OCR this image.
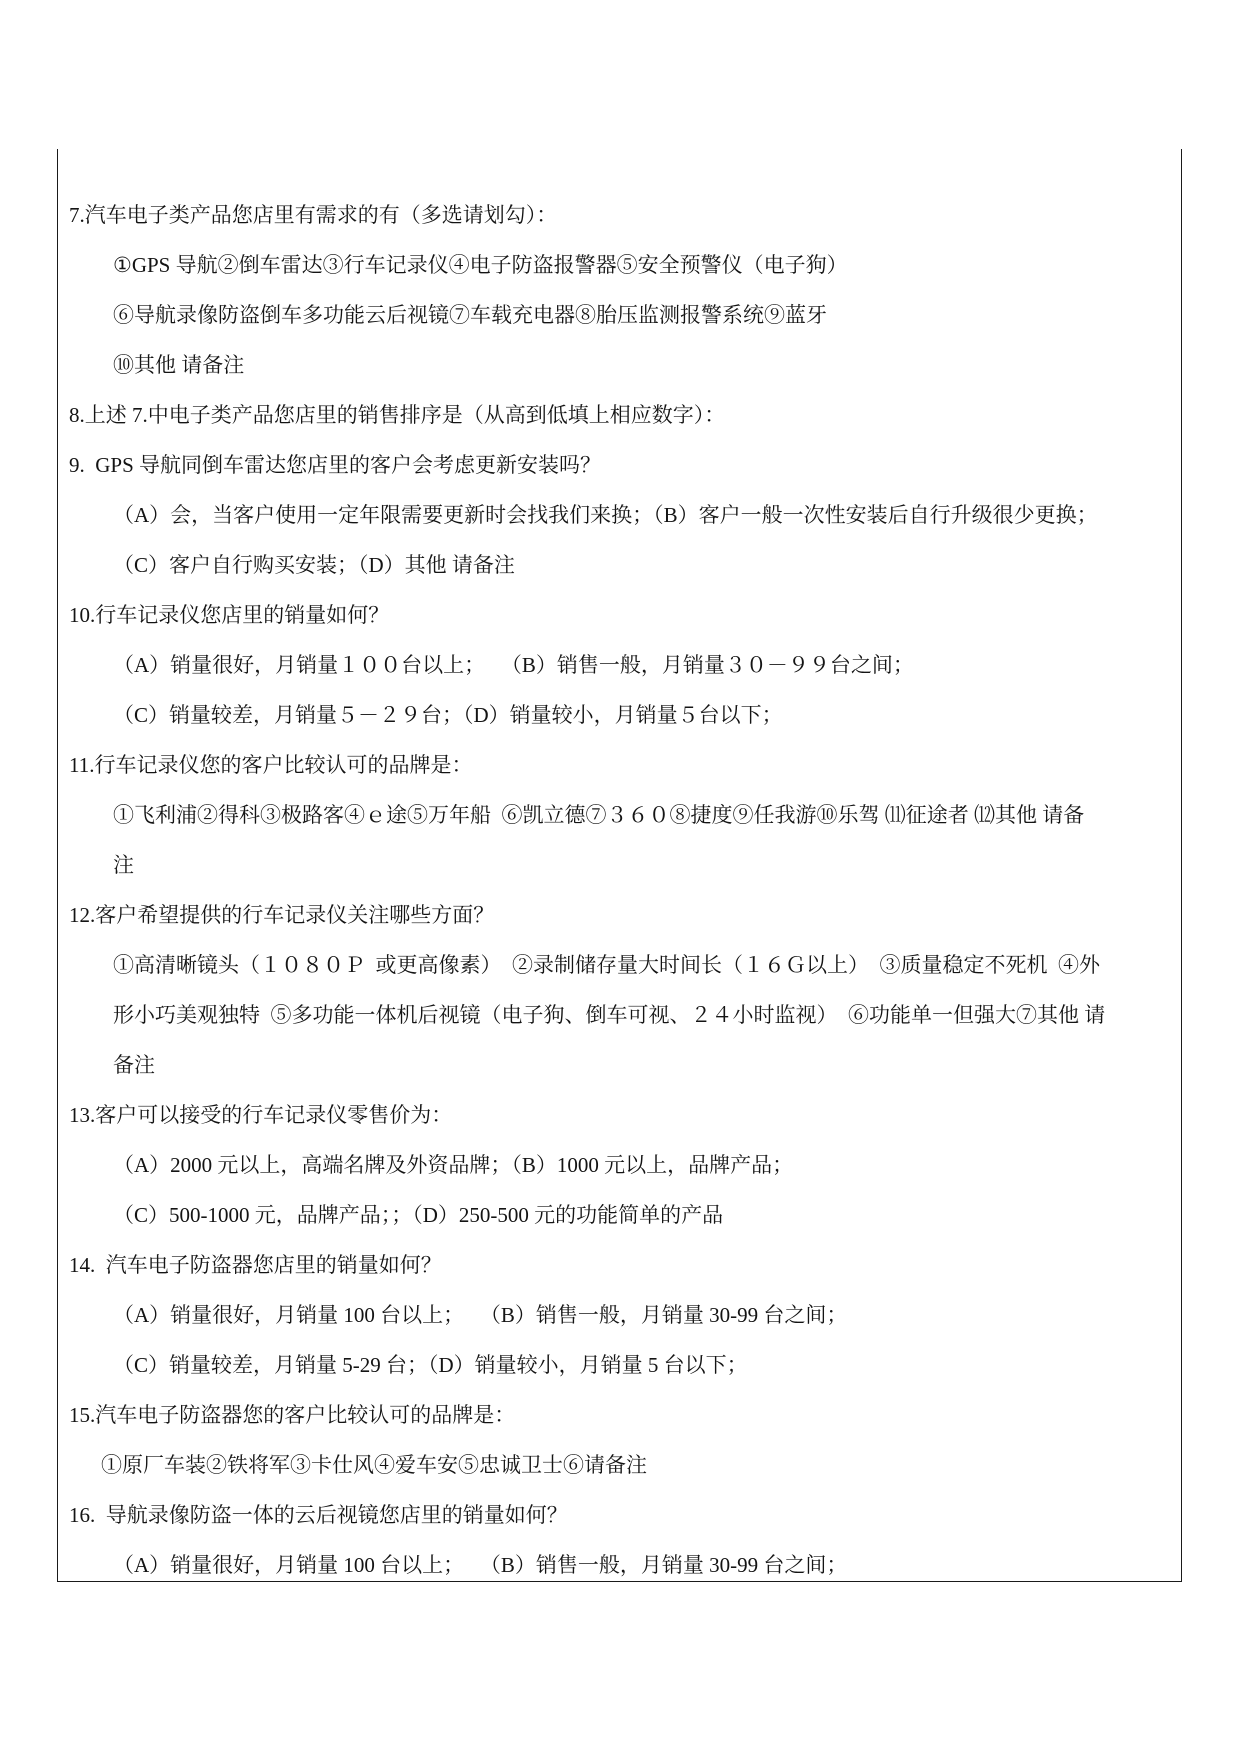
7.汽车电子类产品您店里有需求的有（多选请划勾）：
①GPS 导航②倒车雷达③行车记录仪④电子防盗报警器⑤安全预警仪（电子狗）
⑥导航录像防盗倒车多功能云后视镜⑦车载充电器⑧胎压监测报警系统⑨蓝牙
⑩其他 请备注
8.上述 7.中电子类产品您店里的销售排序是（从高到低填上相应数字）：
9.  GPS 导航同倒车雷达您店里的客户会考虑更新安装吗？
（A）会，当客户使用一定年限需要更新时会找我们来换；（B）客户一般一次性安装后自行升级很少更换；
（C）客户自行购买安装；（D）其他 请备注
10.行车记录仪您店里的销量如何？
（A）销量很好，月销量１００台以上；   （B）销售一般，月销量３０－９９台之间；
（C）销量较差，月销量５－２９台；（D）销量较小，月销量５台以下；
11.行车记录仪您的客户比较认可的品牌是：
①飞利浦②得科③极路客④ｅ途⑤万年船  ⑥凯立德⑦３６０⑧捷度⑨任我游⑩乐驾 ⑾征途者 ⑿其他 请备
注
12.客户希望提供的行车记录仪关注哪些方面？
①高清晰镜头（１０８０Ｐ  或更高像素）  ②录制储存量大时间长（１６Ｇ以上）  ③质量稳定不死机  ④外
形小巧美观独特  ⑤多功能一体机后视镜（电子狗、倒车可视、２４小时监视）  ⑥功能单一但强大⑦其他 请
备注
13.客户可以接受的行车记录仪零售价为：
（A）2000 元以上，高端名牌及外资品牌；（B）1000 元以上，品牌产品；
（C）500-1000 元，品牌产品；；（D）250-500 元的功能简单的产品
14.  汽车电子防盗器您店里的销量如何？
（A）销量很好，月销量 100 台以上；   （B）销售一般，月销量 30-99 台之间；
（C）销量较差，月销量 5-29 台；（D）销量较小，月销量 5 台以下；
15.汽车电子防盗器您的客户比较认可的品牌是：
①原厂车装②铁将军③卡仕风④爱车安⑤忠诚卫士⑥请备注
16.  导航录像防盗一体的云后视镜您店里的销量如何？
（A）销量很好，月销量 100 台以上；   （B）销售一般，月销量 30-99 台之间；
